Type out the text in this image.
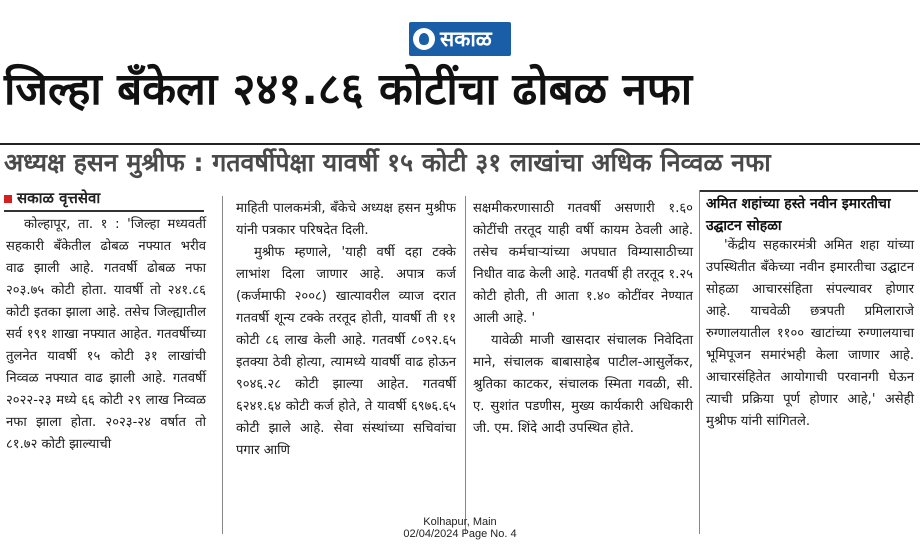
सकाळ
जिल्हा बँकेला २४१.८६ कोटींचा ढोबळ नफा
अध्यक्ष हसन मुश्रीफ : गतवर्षीपेक्षा यावर्षी १५ कोटी ३१ लाखांचा अधिक निव्वळ नफा
सकाळ वृत्तसेवा

कोल्हापूर, ता. १ : 'जिल्हा मध्यवर्ती सहकारी बँकेतील ढोबळ नफ्यात भरीव वाढ झाली आहे. गतवर्षी ढोबळ नफा २०३.७५ कोटी होता. यावर्षी तो २४१.८६ कोटी इतका झाला आहे. तसेच जिल्ह्यातील सर्व १९१ शाखा नफ्यात आहेत. गतवर्षीच्या तुलनेत यावर्षी १५ कोटी ३१ लाखांची निव्वळ नफ्यात वाढ झाली आहे. गतवर्षी २०२२-२३ मध्ये ६६ कोटी २९ लाख निव्वळ नफा झाला होता. २०२३-२४ वर्षात तो ८१.७२ कोटी झाल्याची

माहिती पालकमंत्री, बँकेचे अध्यक्ष हसन मुश्रीफ यांनी पत्रकार परिषदेत दिली.

मुश्रीफ म्हणाले, 'याही वर्षी दहा टक्के लाभांश दिला जाणार आहे. अपात्र कर्ज (कर्जमाफी २००८) खात्यावरील व्याज दरात गतवर्षी शून्य टक्के तरतूद होती, यावर्षी ती ११ कोटी ८६ लाख केली आहे. गतवर्षी ८०९२.६५ इतक्या ठेवी होत्या, त्यामध्ये यावर्षी वाढ होऊन ९०४६.२८ कोटी झाल्या आहेत. गतवर्षी ६२४१.६४ कोटी कर्ज होते, ते यावर्षी ६९७६.६५ कोटी झाले आहे. सेवा संस्थांच्या सचिवांचा पगार आणि

सक्षमीकरणासाठी गतवर्षी असणारी १.६० कोटींची तरतूद याही वर्षी कायम ठेवली आहे. तसेच कर्मचाऱ्यांच्या अपघात विम्यासाठीच्या निधीत वाढ केली आहे. गतवर्षी ही तरतूद १.२५ कोटी होती, ती आता १.४० कोटींवर नेण्यात आली आहे. '

यावेळी माजी खासदार संचालक निवेदिता माने, संचालक बाबासाहेब पाटील-आसुर्लेकर, श्रुतिका काटकर, संचालक स्मिता गवळी, सी. ए. सुशांत पडणीस, मुख्य कार्यकारी अधिकारी जी. एम. शिंदे आदी उपस्थित होते.

अमित शहांच्या हस्ते नवीन इमारतीचा उद्घाटन सोहळा

'केंद्रीय सहकारमंत्री अमित शहा यांच्या उपस्थितीत बँकेच्या नवीन इमारतीचा उद्घाटन सोहळा आचारसंहिता संपल्यावर होणार आहे. याचवेळी छत्रपती प्रमिलाराजे रुग्णालयातील ११०० खाटांच्या रुग्णालयाचा भूमिपूजन समारंभही केला जाणार आहे. आचारसंहितेत आयोगाची परवानगी घेऊन त्याची प्रक्रिया पूर्ण होणार आहे,' असेही मुश्रीफ यांनी सांगितले.

Kolhapur, Main
02/04/2024 Page No. 4
